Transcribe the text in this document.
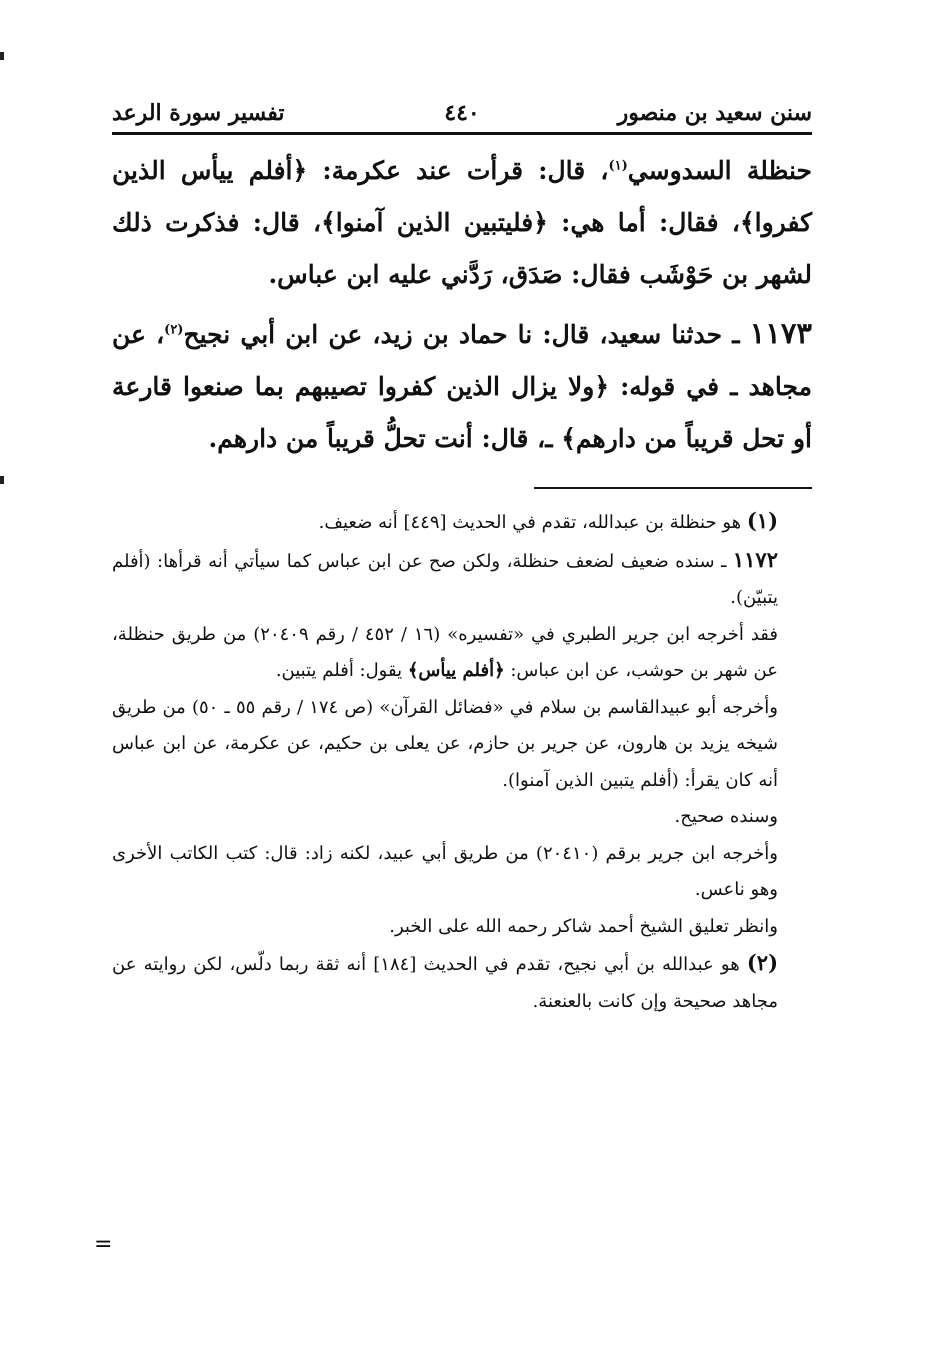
سنن سعيد بن منصور
٤٤٠
تفسير سورة الرعد

حنظلة السدوسي$^{(١)}$، قال: قرأت عند عكرمة: ﴿أفلم ييأس الذين كفروا﴾، فقال: أما هي: ﴿فليتبين الذين آمنوا﴾، قال: فذكرت ذلك لشهر بن حَوْشَب فقال: صَدَق، رَدَّني عليه ابن عباس.

١١٧٣ ـ حدثنا سعيد، قال: نا حماد بن زيد، عن ابن أبي نجيح$^{(٢)}$، عن مجاهد ـ في قوله: ﴿ولا يزال الذين كفروا تصيبهم بما صنعوا قارعة أو تحل قريباً من دارهم﴾ ـ، قال: أنت تحلُّ قريباً من دارهم.

(١) هو حنظلة بن عبدالله، تقدم في الحديث [٤٤٩] أنه ضعيف.

١١٧٢ ـ سنده ضعيف لضعف حنظلة، ولكن صح عن ابن عباس كما سيأتي أنه قرأها: (أفلم يتبيّن).

فقد أخرجه ابن جرير الطبري في «تفسيره» (١٦ / ٤٥٢ / رقم ٢٠٤٠٩) من طريق حنظلة، عن شهر بن حوشب، عن ابن عباس: ﴿أفلم ييأس﴾ يقول: أفلم يتبين.

وأخرجه أبو عبيدالقاسم بن سلام في «فضائل القرآن» (ص ١٧٤ / رقم ٥٥ ـ ٥٠) من طريق شيخه يزيد بن هارون، عن جرير بن حازم، عن يعلى بن حكيم، عن عكرمة، عن ابن عباس أنه كان يقرأ: (أفلم يتبين الذين آمنوا).

وسنده صحيح.

وأخرجه ابن جرير برقم (٢٠٤١٠) من طريق أبي عبيد، لكنه زاد: قال: كتب الكاتب الأخرى وهو ناعس.

وانظر تعليق الشيخ أحمد شاكر رحمه الله على الخبر.

(٢) هو عبدالله بن أبي نجيح، تقدم في الحديث [١٨٤] أنه ثقة ربما دلّس، لكن روايته عن مجاهد صحيحة وإن كانت بالعنعنة.

=
